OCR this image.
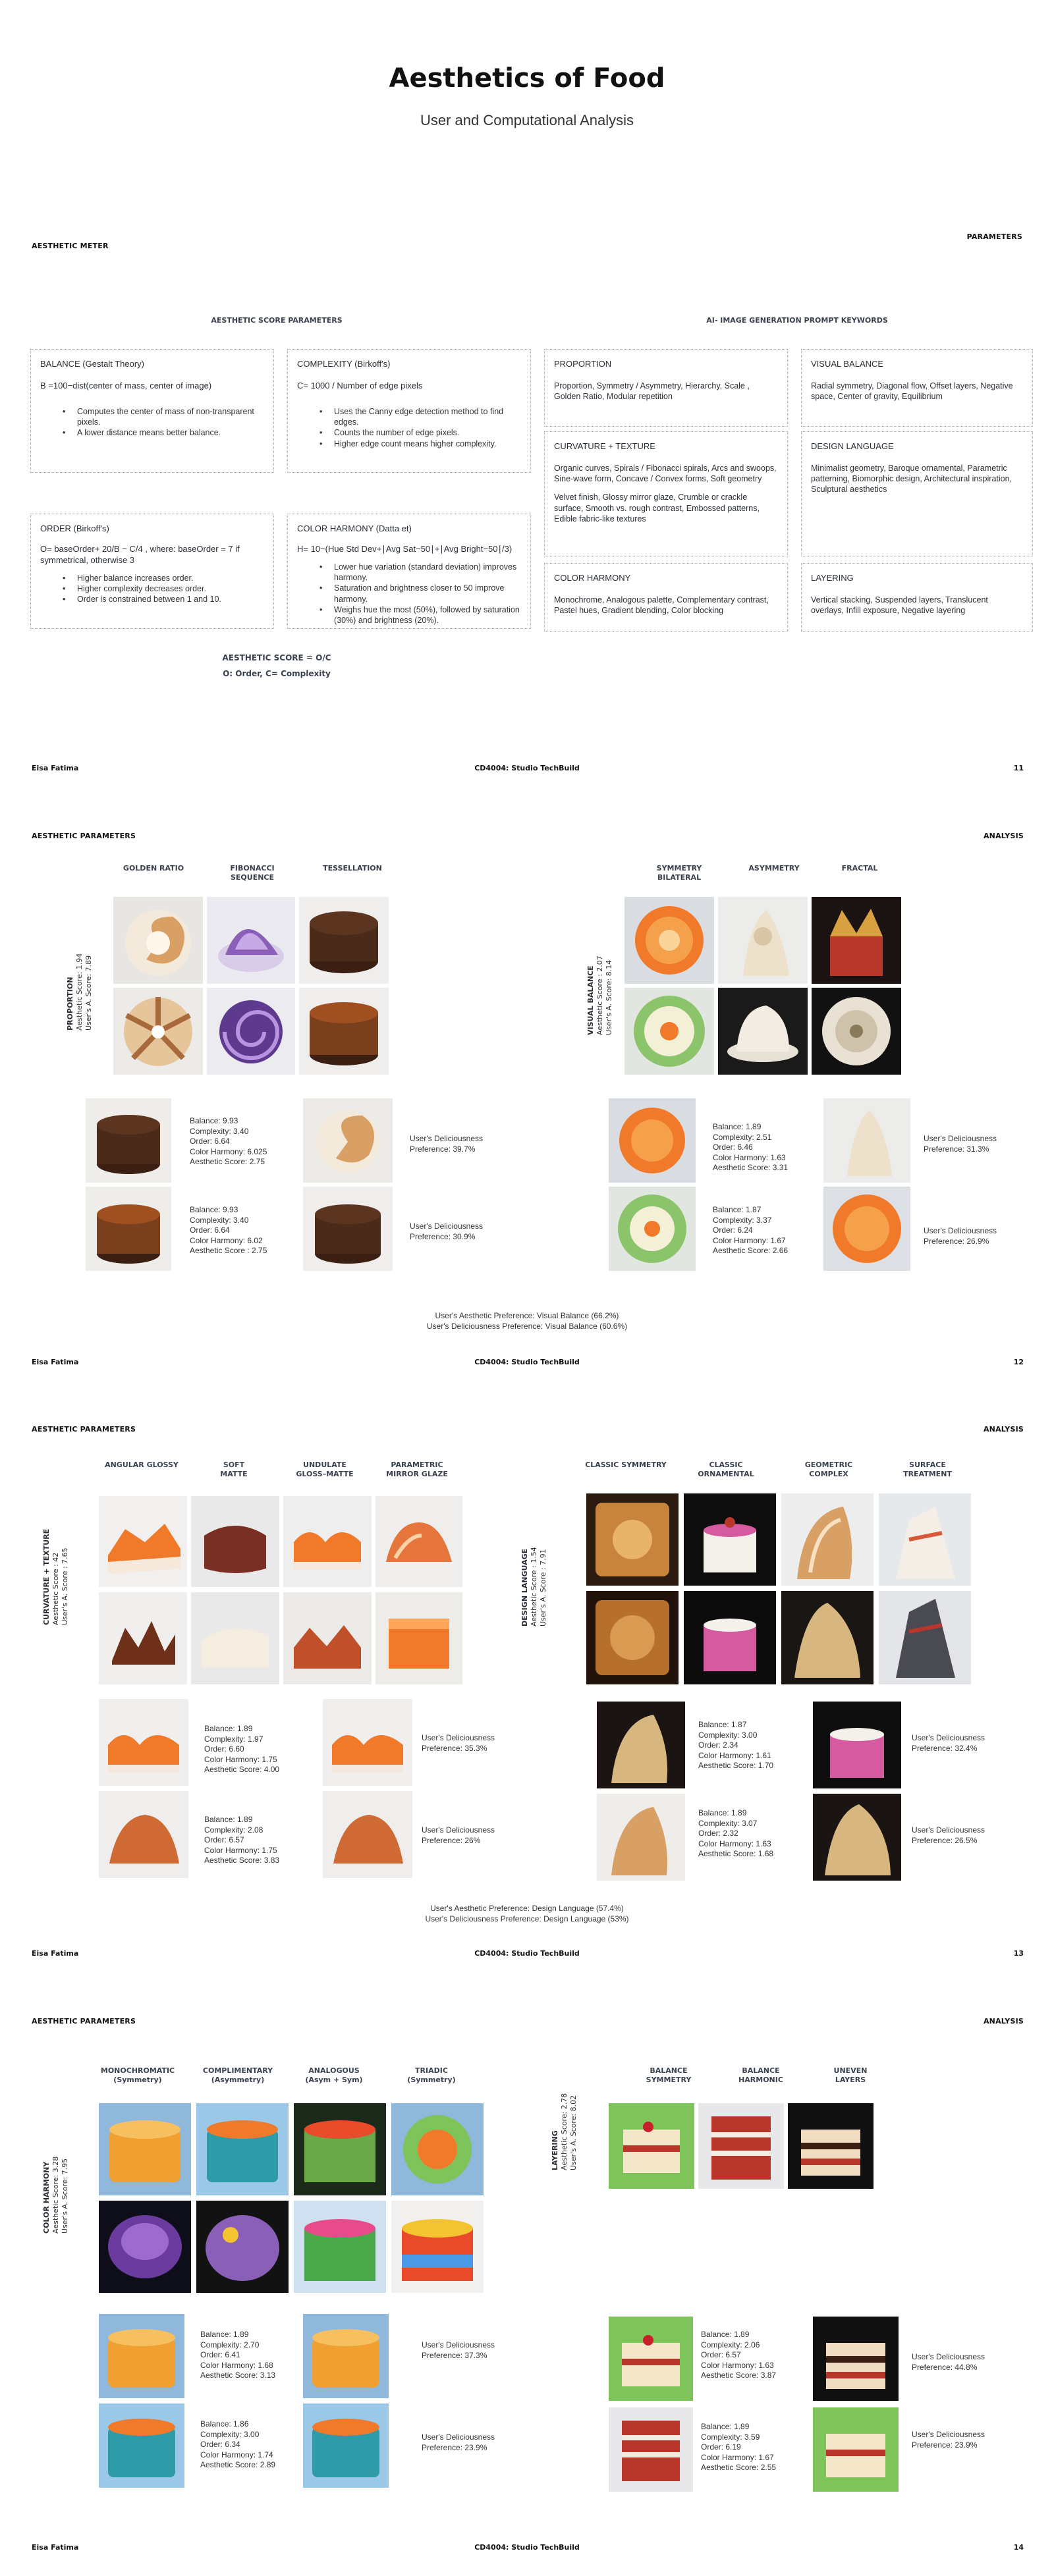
Aesthetics of Food
User and Computational Analysis
AESTHETIC METER
PARAMETERS
AESTHETIC SCORE PARAMETERS	AI- IMAGE GENERATION PROMPT KEYWORDS
BALANCE (Gestalt Theory)
B =100−dist(center of mass, center of image)
• Computes the center of mass of non-transparent pixels.
• A lower distance means better balance.
COMPLEXITY (Birkoff's)
C= 1000 / Number of edge pixels
• Uses the Canny edge detection method to find edges.
• Counts the number of edge pixels.
• Higher edge count means higher complexity.
ORDER (Birkoff's)
O= baseOrder+ 20/B − C/4 , where: baseOrder = 7 if symmetrical, otherwise 3
• Higher balance increases order.
• Higher complexity decreases order.
• Order is constrained between 1 and 10.
COLOR HARMONY (Datta et)
H= 10−(Hue Std Dev+∣Avg Sat−50∣+∣Avg Bright−50∣/3)
• Lower hue variation (standard deviation) improves harmony.
• Saturation and brightness closer to 50 improve harmony.
• Weighs hue the most (50%), followed by saturation (30%) and brightness (20%).
AESTHETIC SCORE = O/C
O: Order, C= Complexity
PROPORTION
Proportion, Symmetry / Asymmetry, Hierarchy, Scale , Golden Ratio, Modular repetition
VISUAL BALANCE
Radial symmetry, Diagonal flow, Offset layers, Negative space, Center of gravity, Equilibrium
CURVATURE + TEXTURE
Organic curves, Spirals / Fibonacci spirals, Arcs and swoops, Sine-wave form, Concave / Convex forms, Soft geometry
Velvet finish, Glossy mirror glaze, Crumble or crackle surface, Smooth vs. rough contrast, Embossed patterns, Edible fabric-like textures
DESIGN LANGUAGE
Minimalist geometry, Baroque ornamental, Parametric patterning, Biomorphic design, Architectural inspiration, Sculptural aesthetics
COLOR HARMONY
Monochrome, Analogous palette, Complementary contrast, Pastel hues, Gradient blending, Color blocking
LAYERING
Vertical stacking, Suspended layers, Translucent overlays, Infill exposure, Negative layering
Eisa Fatima	CD4004: Studio TechBuild	11
AESTHETIC PARAMETERS	ANALYSIS
GOLDEN RATIO	FIBONACCI
SEQUENCE
TESSELLATION	SYMMETRY
BILATERAL
ASYMMETRY	FRACTAL
PROPORTION
Aesthetic Score: 1.94
User's A. Score: 7.89	VISUAL BALANCE
Aesthetic Score : 2.07
User's A. Score: 8.14
Balance: 9.93
Complexity: 3.40
Order: 6.64
Color Harmony: 6.025
Aesthetic Score: 2.75
Balance: 9.93
Complexity: 3.40
Order: 6.64
Color Harmony: 6.02
Aesthetic Score : 2.75
User's Deliciousness
Preference: 39.7%
User's Deliciousness
Preference: 30.9%
Balance: 1.89
Complexity: 2.51
Order: 6.46
Color Harmony: 1.63
Aesthetic Score: 3.31
Balance: 1.87
Complexity: 3.37
Order: 6.24
Color Harmony: 1.67
Aesthetic Score: 2.66
User's Deliciousness
Preference: 31.3%
User's Deliciousness
Preference: 26.9%
User's Aesthetic Preference: Visual Balance (66.2%)
User's Deliciousness Preference: Visual Balance (60.6%)
Eisa Fatima	CD4004: Studio TechBuild	12
AESTHETIC PARAMETERS	ANALYSIS
ANGULAR GLOSSY	SOFT
MATTE
UNDULATE
GLOSS–MATTE
PARAMETRIC
MIRROR GLAZE
CLASSIC SYMMETRY	CLASSIC
ORNAMENTAL
GEOMETRIC
COMPLEX
SURFACE
TREATMENT
CURVATURE + TEXTURE
Aesthetic Score : 42
User's A. Score : 7.65	DESIGN LANGUAGE
Aesthetic Score : 1.54
User's A. Score : 7.91
Balance: 1.89
Complexity: 1.97
Order: 6.60
Color Harmony: 1.75
Aesthetic Score: 4.00
Balance: 1.89
Complexity: 2.08
Order: 6.57
Color Harmony: 1.75
Aesthetic Score: 3.83
User's Deliciousness
Preference: 35.3%
User's Deliciousness
Preference: 26%
Balance: 1.87
Complexity: 3.00
Order: 2.34
Color Harmony: 1.61
Aesthetic Score: 1.70
Balance: 1.89
Complexity: 3.07
Order: 2.32
Color Harmony: 1.63
Aesthetic Score: 1.68
User's Deliciousness
Preference: 32.4%
User's Deliciousness
Preference: 26.5%
User's Aesthetic Preference: Design Language (57.4%)
User's Deliciousness Preference: Design Language (53%)
Eisa Fatima	CD4004: Studio TechBuild	13
AESTHETIC PARAMETERS	ANALYSIS
MONOCHROMATIC
(Symmetry)
COMPLIMENTARY
(Asymmetry)
ANALOGOUS
(Asym + Sym)
TRIADIC
(Symmetry)
BALANCE
SYMMETRY
BALANCE
HARMONIC
UNEVEN
LAYERS
COLOR HARMONY
Aesthetic Score: 3.28
User's A. Score: 7.95
LAYERING
Aesthetic Score: 2.78
User's A. Score: 8.02
Balance: 1.89
Complexity: 2.70
Order: 6.41
Color Harmony: 1.68
Aesthetic Score: 3.13
Balance: 1.86
Complexity: 3.00
Order: 6.34
Color Harmony: 1.74
Aesthetic Score: 2.89
User's Deliciousness
Preference: 37.3%
User's Deliciousness
Preference: 23.9%
Balance: 1.89
Complexity: 2.06
Order: 6.57
Color Harmony: 1.63
Aesthetic Score: 3.87
Balance: 1.89
Complexity: 3.59
Order: 6.19
Color Harmony: 1.67
Aesthetic Score: 2.55
User's Deliciousness
Preference: 44.8%
User's Deliciousness
Preference: 23.9%
Eisa Fatima	CD4004: Studio TechBuild	14
